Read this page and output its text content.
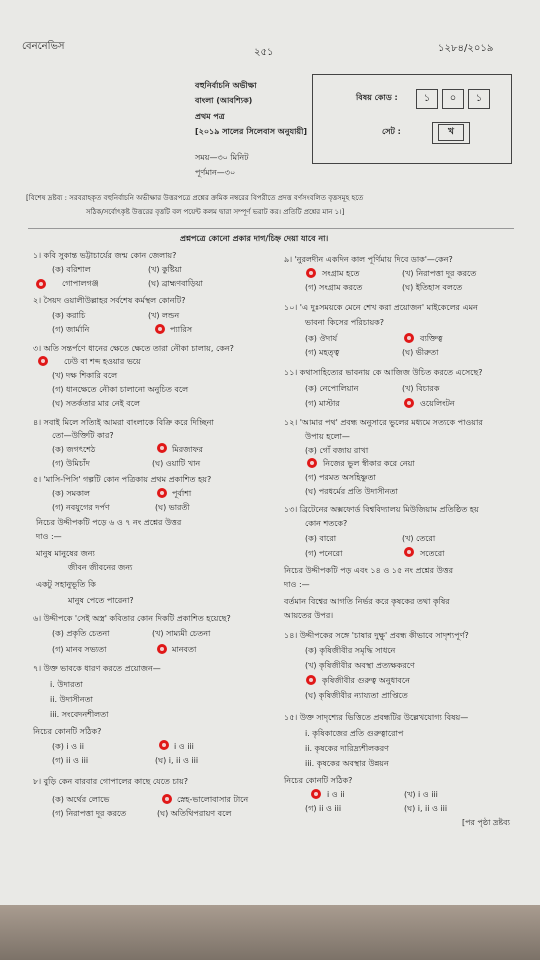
বেননেভিস
২৫১	১২৮৪/২০১৯
বহুনির্বাচনি অভীক্ষা
বাংলা (আবশ্যিক)
প্রথম পত্র
[২০১৯ সালের সিলেবাস অনুযায়ী]
সময়—৩০ মিনিট
পূর্ণমান—৩০
বিষয় কোড :	১	০	১
সেট :	খ
[বিশেষ দ্রষ্টব্য : সরবরাহকৃত বহুনির্বাচনি অভীক্ষার উত্তরপত্রে প্রশ্নের ক্রমিক নম্বরের বিপরীতে প্রদত্ত বর্ণসংবলিত বৃত্তসমূহ হতে
সঠিক/সর্বোৎকৃষ্ট উত্তরের বৃত্তটি বল পয়েন্ট কলম দ্বারা সম্পূর্ণ ভরাট কর। প্রতিটি প্রশ্নের মান ১।]
প্রশ্নপত্রে কোনো প্রকার দাগ/চিহ্ন দেয়া যাবে না।
১। কবি সুকান্ত ভট্টাচার্যের জন্ম কোন জেলায়?
(ক) বরিশাল	(খ) কুষ্টিয়া
গোপালগঞ্জ	(ঘ) ব্রাহ্মণবাড়িয়া
২। সৈয়দ ওয়ালীউল্লাহর সর্বশেষ কর্মস্থল কোনটি?
(ক) করাচি	(খ) লন্ডন
(গ) জার্মানি	প্যারিস
৩। অতি সন্তর্পণে ধানের ক্ষেতে ক্ষেতে তারা নৌকা চালায়, কেন?
ঢেউ বা শব্দ হওয়ার ভয়ে
(খ) দক্ষ শিকারি বলে
(গ) ধানক্ষেতে নৌকা চালানো অনুচিত বলে
(ঘ) সতর্কতার মার নেই বলে
৪। সবাই মিলে সত্যিই আমরা বাংলাকে বিক্রি করে দিচ্ছিনা
তো—উক্তিটি কার?
(ক) জগৎশেঠ	মিরজাফর
(গ) উমিচাঁদ	(ঘ) ওয়াটি খান
৫। 'মাসি-পিসি' গল্পটি কোন পত্রিকায় প্রথম প্রকাশিত হয়?
(ক) সমকাল	পূর্বাশা
(গ) নবযুগের দর্পণ	(ঘ) ভারতী
নিচের উদ্দীপকটি পড়ে ৬ ও ৭ নং প্রশ্নের উত্তর
দাও :—
মানুষ মানুষের জন্য
জীবন জীবনের জন্য
একটু সহানুভূতি কি
মানুষ পেতে পারেনা?
৬। উদ্দীপকে 'সেই অস্ত্র' কবিতার কোন দিকটি প্রকাশিত হয়েছে?
(ক) প্রকৃতি চেতনা	(খ) সাম্যমী চেতনা
(গ) মানব সভ্যতা	মানবতা
৭। উক্ত ভাবকে ধারণ করতে প্রয়োজন—
i. উদারতা
ii. উদাসীনতা
iii. সংবেদনশীলতা
নিচের কোনটি সঠিক?
(ক) i ও ii	i ও iii
(গ) ii ও iii	(ঘ) i, ii ও iii
৮। বুড়ি কেন বারবার গোপালের কাছে যেতে চায়?
(ক) অর্থের লোভে	স্নেহ-ভালোবাসার টানে
(গ) নিরাপত্তা দূর করতে	(ঘ) অতিথিপরায়ণ বলে
৯। 'নুরলদীন একদিন কাল পূর্ণিমায় দিবে ডাক'—কেন?
সংগ্রাম হতে	(খ) নিরাপত্তা দূর করতে
(গ) সংগ্রাম করতে	(ঘ) ইতিহাস বলতে
১০। 'এ দুঃসময়কে মেনে শেখ করা প্রয়োজন' মাইকেলের এমন
ভাবনা কিসের পরিচায়ক?
(ক) ঔদার্য	ব্যক্তিত্ব
(গ) মহত্ত্ব	(ঘ) ভীরুতা
১১। কথাসাহিত্যের ভাবনায় কে আজিজ উচিত করতে এসেছে?
(ক) নেপোলিয়ান	(খ) বিচারক
(গ) মাস্টার	ওয়েলিংটন
১২। 'আমার পথ' প্রবন্ধ অনুসারে ভুলের মধ্যমে সত্যকে পাওয়ার
উপায় হলো—
(ক) গোঁ বজায় রাখা
নিজের ভুল স্বীকার করে নেয়া
(গ) পরমত অসহিষ্ণুতা
(ঘ) পরধর্মের প্রতি উদাসীনতা
১৩। ব্রিটেনের অক্সফোর্ড বিশ্ববিদ্যালয় মিউজিয়াম প্রতিষ্ঠিত হয়
কোন শতকে?
(ক) বারো	(খ) তেরো
(গ) পনেরো	সতেরো
নিচের উদ্দীপকটি পড় এবং ১৪ ও ১৫ নং প্রশ্নের উত্তর
দাও :—
বর্তমান বিশ্বের আগতি নির্ভর করে কৃষকের তথা কৃষির
আয়তের উপর।
১৪। উদ্দীপকের সঙ্গে 'চাষার দুক্ষু' প্রবন্ধ কীভাবে সাদৃশ্যপূর্ণ?
(ক) কৃষিজীবীর সমৃদ্ধি সাধনে
(খ) কৃষিজীবীর অবস্থা প্রত্যক্ষকরণে
কৃষিজীবীর গুরুত্ব অনুধাবনে
(ঘ) কৃষিজীবীর ন্যায্যতা প্রাপ্তিতে
১৫। উক্ত সাদৃশ্যের ভিত্তিতে প্রবন্ধটির উল্লেখযোগ্য বিষয়—
i. কৃষিকাজের প্রতি গুরুত্বারোপ
ii. কৃষকের দারিদ্র্যশীলকরণ
iii. কৃষকের অবস্থার উন্নয়ন
নিচের কোনটি সঠিক?
i ও ii	(খ) i ও iii
(গ) ii ও iii	(ঘ) i, ii ও iii
[পর পৃষ্ঠা দ্রষ্টব্য
